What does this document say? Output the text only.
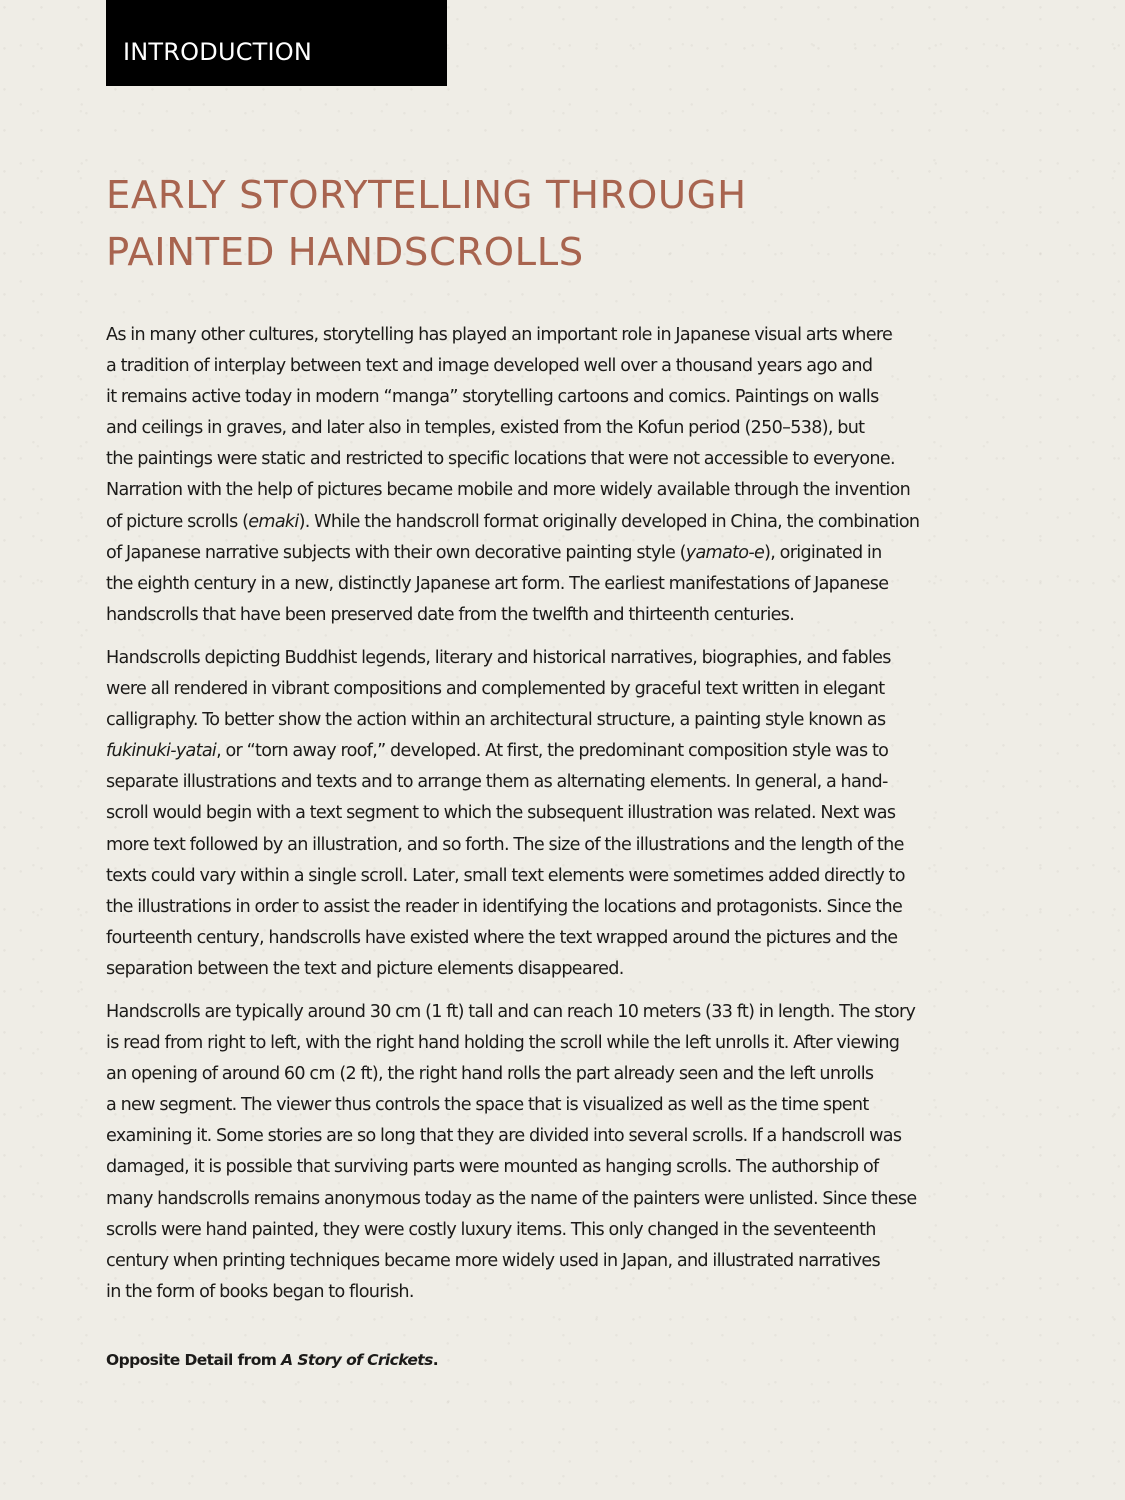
INTRODUCTION
EARLY STORYTELLING THROUGH
PAINTED HANDSCROLLS

As in many other cultures, storytelling has played an important role in Japanese visual arts where
a tradition of interplay between text and image developed well over a thousand years ago and
it remains active today in modern “manga” storytelling cartoons and comics. Paintings on walls
and ceilings in graves, and later also in temples, existed from the Kofun period (250–538), but
the paintings were static and restricted to specific locations that were not accessible to everyone.
Narration with the help of pictures became mobile and more widely available through the invention
of picture scrolls (emaki). While the handscroll format originally developed in China, the combination
of Japanese narrative subjects with their own decorative painting style (yamato-e), originated in
the eighth century in a new, distinctly Japanese art form. The earliest manifestations of Japanese
handscrolls that have been preserved date from the twelfth and thirteenth centuries.

Handscrolls depicting Buddhist legends, literary and historical narratives, biographies, and fables
were all rendered in vibrant compositions and complemented by graceful text written in elegant
calligraphy. To better show the action within an architectural structure, a painting style known as
fukinuki-yatai, or “torn away roof,” developed. At first, the predominant composition style was to
separate illustrations and texts and to arrange them as alternating elements. In general, a hand-
scroll would begin with a text segment to which the subsequent illustration was related. Next was
more text followed by an illustration, and so forth. The size of the illustrations and the length of the
texts could vary within a single scroll. Later, small text elements were sometimes added directly to
the illustrations in order to assist the reader in identifying the locations and protagonists. Since the
fourteenth century, handscrolls have existed where the text wrapped around the pictures and the
separation between the text and picture elements disappeared.

Handscrolls are typically around 30 cm (1 ft) tall and can reach 10 meters (33 ft) in length. The story
is read from right to left, with the right hand holding the scroll while the left unrolls it. After viewing
an opening of around 60 cm (2 ft), the right hand rolls the part already seen and the left unrolls
a new segment. The viewer thus controls the space that is visualized as well as the time spent
examining it. Some stories are so long that they are divided into several scrolls. If a handscroll was
damaged, it is possible that surviving parts were mounted as hanging scrolls. The authorship of
many handscrolls remains anonymous today as the name of the painters were unlisted. Since these
scrolls were hand painted, they were costly luxury items. This only changed in the seventeenth
century when printing techniques became more widely used in Japan, and illustrated narratives
in the form of books began to flourish.

Opposite Detail from A Story of Crickets.
